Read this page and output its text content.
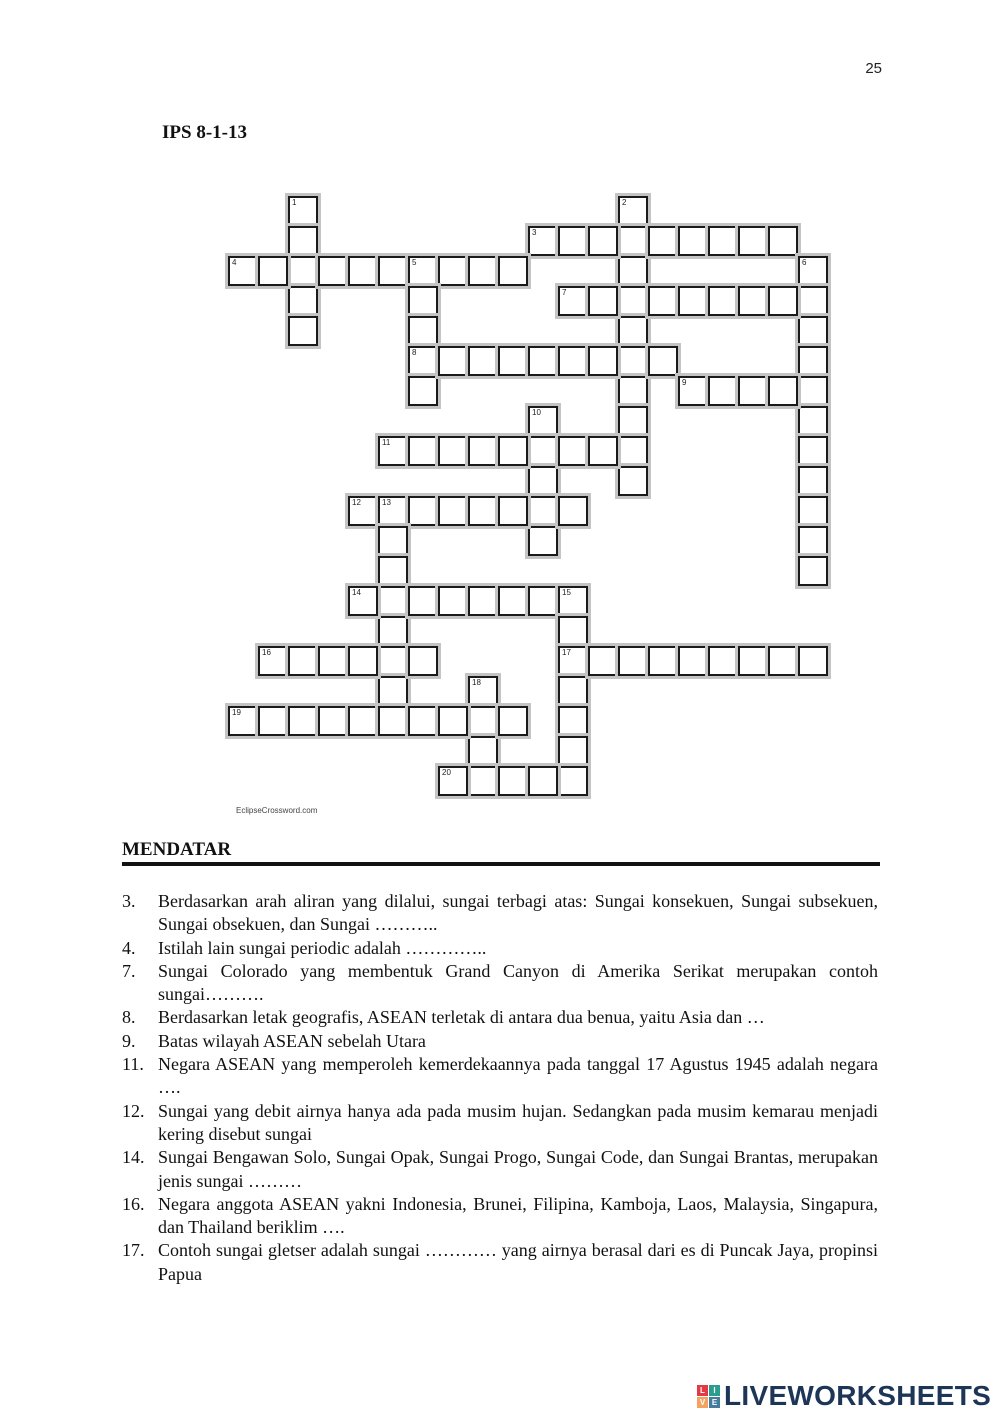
25
IPS 8-1-13
1	2
3
4	5
8
6
7
9
10
11
12	13
14	15
17
16
18
19
20
EclipseCrossword.com
MENDATAR
3. Berdasarkan arah aliran yang dilalui, sungai terbagi atas: Sungai konsekuen, Sungai subsekuen, Sungai obsekuen, dan Sungai ………..
4. Istilah lain sungai periodic adalah …………..
7. Sungai Colorado yang membentuk Grand Canyon di Amerika Serikat merupakan contoh sungai……….
8. Berdasarkan letak geografis, ASEAN terletak di antara dua benua, yaitu Asia dan …
9. Batas wilayah ASEAN sebelah Utara
11. Negara ASEAN yang memperoleh kemerdekaannya pada tanggal 17 Agustus 1945 adalah negara ….
12. Sungai yang debit airnya hanya ada pada musim hujan. Sedangkan pada musim kemarau menjadi kering disebut sungai
14. Sungai Bengawan Solo, Sungai Opak, Sungai Progo, Sungai Code, dan Sungai Brantas, merupakan jenis sungai ………
16. Negara anggota ASEAN yakni Indonesia, Brunei, Filipina, Kamboja, Laos, Malaysia, Singapura, dan Thailand beriklim ….
17. Contoh sungai gletser adalah sungai ………… yang airnya berasal dari es di Puncak Jaya, propinsi Papua
L	I
V E LIVEWORKSHEETS
